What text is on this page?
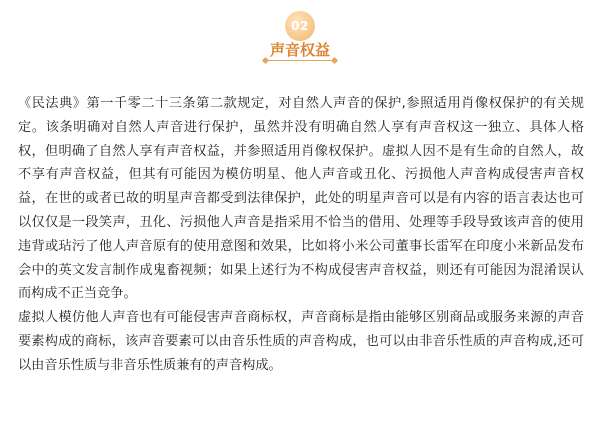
02
声音权益

《民法典》第一千零二十三条第二款规定，对自然人声音的保护,参照适用肖像权保护的有关规定。该条明确对自然人声音进行保护，虽然并没有明确自然人享有声音权这一独立、具体人格权，但明确了自然人享有声音权益，并参照适用肖像权保护。虚拟人因不是有生命的自然人，故不享有声音权益，但其有可能因为模仿明星、他人声音或丑化、污损他人声音构成侵害声音权益，在世的或者已故的明星声音都受到法律保护，此处的明星声音可以是有内容的语言表达也可以仅仅是一段笑声，丑化、污损他人声音是指采用不恰当的借用、处理等手段导致该声音的使用违背或玷污了他人声音原有的使用意图和效果，比如将小米公司董事长雷军在印度小米新品发布会中的英文发言制作成鬼畜视频；如果上述行为不构成侵害声音权益，则还有可能因为混淆误认而构成不正当竞争。

虚拟人模仿他人声音也有可能侵害声音商标权，声音商标是指由能够区别商品或服务来源的声音要素构成的商标，该声音要素可以由音乐性质的声音构成，也可以由非音乐性质的声音构成,还可以由音乐性质与非音乐性质兼有的声音构成。
